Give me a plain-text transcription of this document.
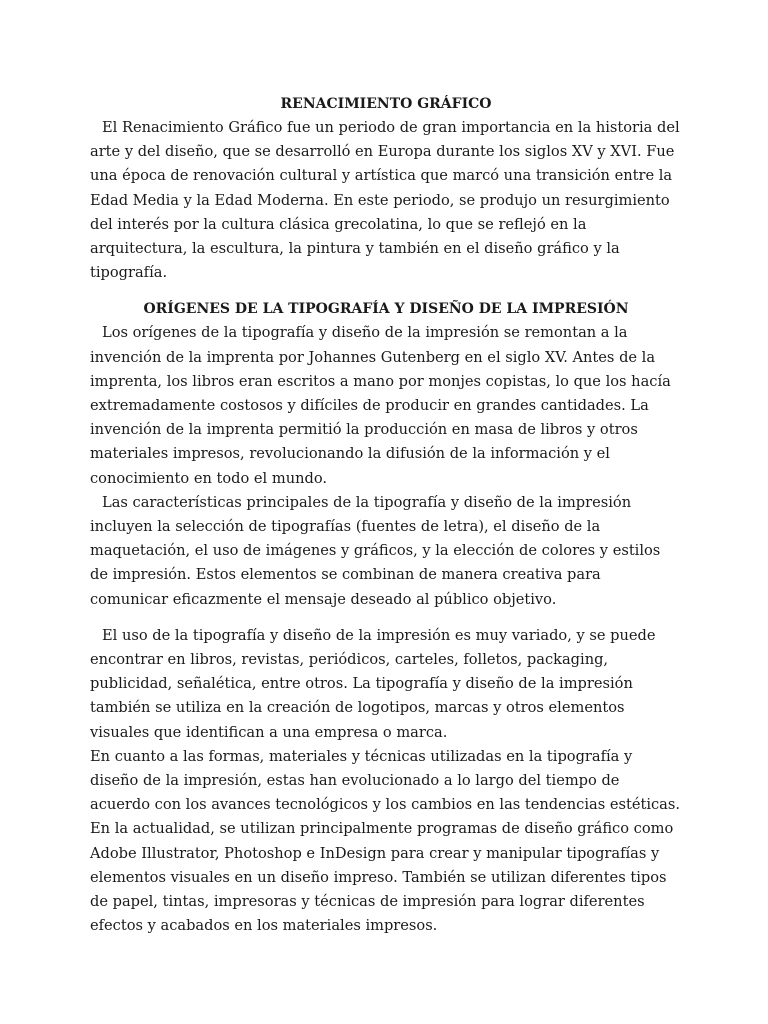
RENACIMIENTO GRÁFICO

El Renacimiento Gráfico fue un periodo de gran importancia en la historia del arte y del diseño, que se desarrolló en Europa durante los siglos XV y XVI. Fue una época de renovación cultural y artística que marcó una transición entre la Edad Media y la Edad Moderna. En este periodo, se produjo un resurgimiento del interés por la cultura clásica grecolatina, lo que se reflejó en la arquitectura, la escultura, la pintura y también en el diseño gráfico y la tipografía.

ORÍGENES DE LA TIPOGRAFÍA Y DISEÑO DE LA IMPRESIÓN

Los orígenes de la tipografía y diseño de la impresión se remontan a la invención de la imprenta por Johannes Gutenberg en el siglo XV. Antes de la imprenta, los libros eran escritos a mano por monjes copistas, lo que los hacía extremadamente costosos y difíciles de producir en grandes cantidades. La invención de la imprenta permitió la producción en masa de libros y otros materiales impresos, revolucionando la difusión de la información y el conocimiento en todo el mundo.

Las características principales de la tipografía y diseño de la impresión incluyen la selección de tipografías (fuentes de letra), el diseño de la maquetación, el uso de imágenes y gráficos, y la elección de colores y estilos de impresión. Estos elementos se combinan de manera creativa para comunicar eficazmente el mensaje deseado al público objetivo.

El uso de la tipografía y diseño de la impresión es muy variado, y se puede encontrar en libros, revistas, periódicos, carteles, folletos, packaging, publicidad, señalética, entre otros. La tipografía y diseño de la impresión también se utiliza en la creación de logotipos, marcas y otros elementos visuales que identifican a una empresa o marca.

En cuanto a las formas, materiales y técnicas utilizadas en la tipografía y diseño de la impresión, estas han evolucionado a lo largo del tiempo de acuerdo con los avances tecnológicos y los cambios en las tendencias estéticas. En la actualidad, se utilizan principalmente programas de diseño gráfico como Adobe Illustrator, Photoshop e InDesign para crear y manipular tipografías y elementos visuales en un diseño impreso. También se utilizan diferentes tipos de papel, tintas, impresoras y técnicas de impresión para lograr diferentes efectos y acabados en los materiales impresos.
